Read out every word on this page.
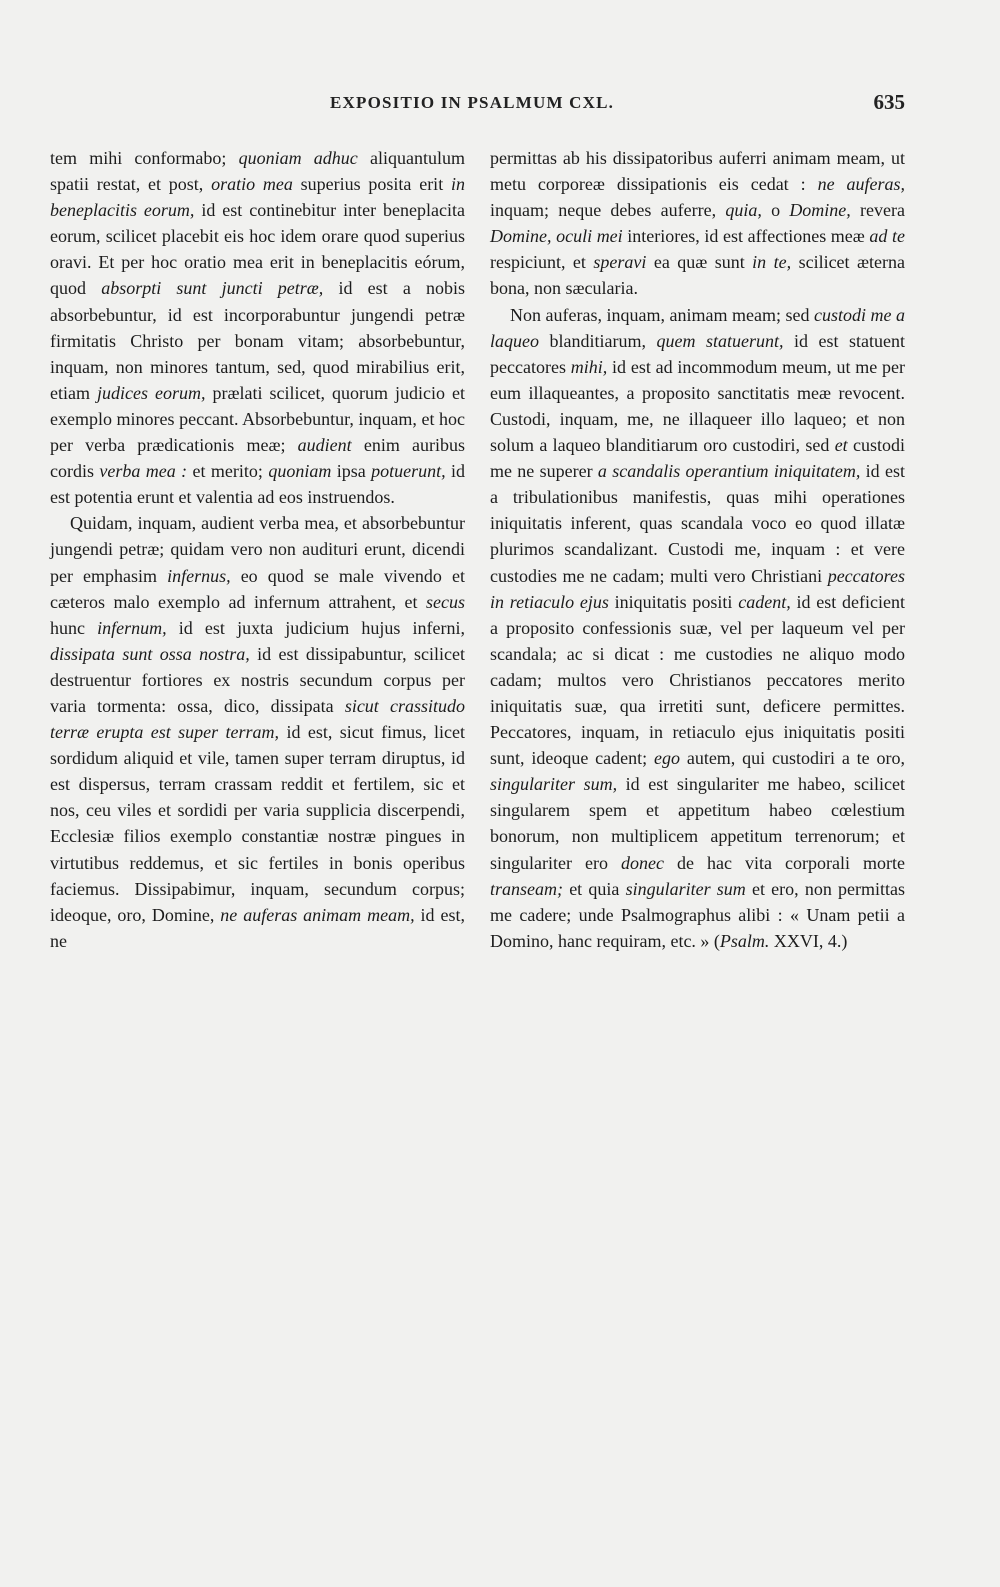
EXPOSITIO IN PSALMUM CXL.	635

tem mihi conformabo; quoniam adhuc aliquantulum spatii restat, et post, oratio mea superius posita erit in beneplacitis eorum, id est continebitur inter beneplacita eorum, scilicet placebit eis hoc idem orare quod superius oravi. Et per hoc oratio mea erit in beneplacitis eórum, quod absorpti sunt juncti petræ, id est a nobis absorbebuntur, id est incorporabuntur jungendi petræ firmitatis Christo per bonam vitam; absorbebuntur, inquam, non minores tantum, sed, quod mirabilius erit, etiam judices eorum, prælati scilicet, quorum judicio et exemplo minores peccant. Absorbebuntur, inquam, et hoc per verba prædicationis meæ; audient enim auribus cordis verba mea : et merito; quoniam ipsa potuerunt, id est potentia erunt et valentia ad eos instruendos.

Quidam, inquam, audient verba mea, et absorbebuntur jungendi petræ; quidam vero non audituri erunt, dicendi per emphasim infernus, eo quod se male vivendo et cæteros malo exemplo ad infernum attrahent, et secus hunc infernum, id est juxta judicium hujus inferni, dissipata sunt ossa nostra, id est dissipabuntur, scilicet destruentur fortiores ex nostris secundum corpus per varia tormenta: ossa, dico, dissipata sicut crassitudo terræ erupta est super terram, id est, sicut fimus, licet sordidum aliquid et vile, tamen super terram diruptus, id est dispersus, terram crassam reddit et fertilem, sic et nos, ceu viles et sordidi per varia supplicia discerpendi, Ecclesiæ filios exemplo constantiæ nostræ pingues in virtutibus reddemus, et sic fertiles in bonis operibus faciemus. Dissipabimur, inquam, secundum corpus; ideoque, oro, Domine, ne auferas animam meam, id est, ne

permittas ab his dissipatoribus auferri animam meam, ut metu corporeæ dissipationis eis cedat : ne auferas, inquam; neque debes auferre, quia, o Domine, revera Domine, oculi mei interiores, id est affectiones meæ ad te respiciunt, et speravi ea quæ sunt in te, scilicet æterna bona, non sæcularia.

Non auferas, inquam, animam meam; sed custodi me a laqueo blanditiarum, quem statuerunt, id est statuent peccatores mihi, id est ad incommodum meum, ut me per eum illaqueantes, a proposito sanctitatis meæ revocent. Custodi, inquam, me, ne illaqueer illo laqueo; et non solum a laqueo blanditiarum oro custodiri, sed et custodi me ne superer a scandalis operantium iniquitatem, id est a tribulationibus manifestis, quas mihi operationes iniquitatis inferent, quas scandala voco eo quod illatæ plurimos scandalizant. Custodi me, inquam : et vere custodies me ne cadam; multi vero Christiani peccatores in retiaculo ejus iniquitatis positi cadent, id est deficient a proposito confessionis suæ, vel per laqueum vel per scandala; ac si dicat : me custodies ne aliquo modo cadam; multos vero Christianos peccatores merito iniquitatis suæ, qua irretiti sunt, deficere permittes. Peccatores, inquam, in retiaculo ejus iniquitatis positi sunt, ideoque cadent; ego autem, qui custodiri a te oro, singulariter sum, id est singulariter me habeo, scilicet singularem spem et appetitum habeo cœlestium bonorum, non multiplicem appetitum terrenorum; et singulariter ero donec de hac vita corporali morte transeam; et quia singulariter sum et ero, non permittas me cadere; unde Psalmographus alibi : « Unam petii a Domino, hanc requiram, etc. » (Psalm. XXVI, 4.)
